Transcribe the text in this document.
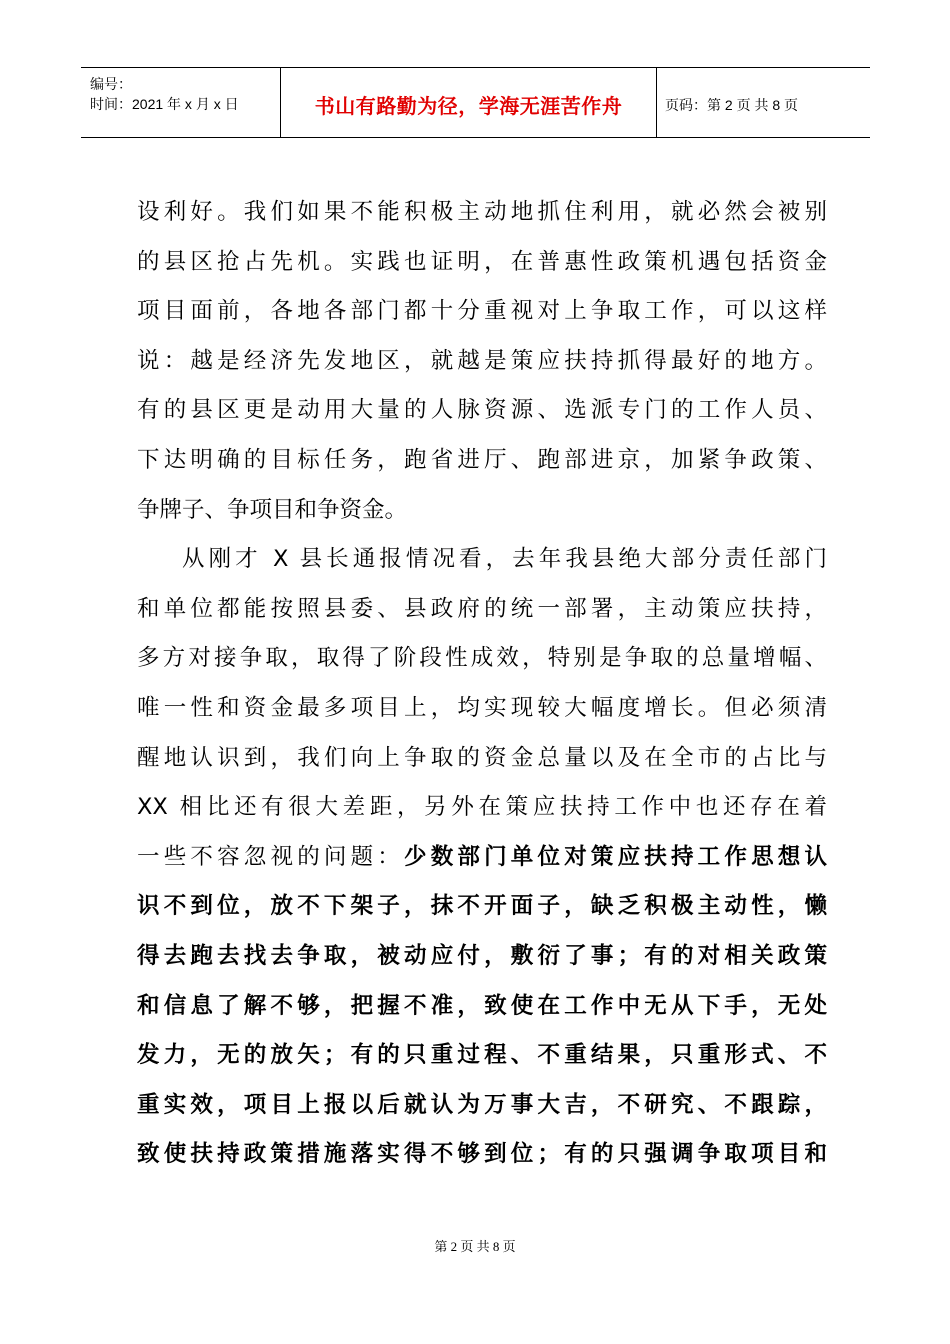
编号：
时间：2021 年 x 月 x 日	书山有路勤为径，学海无涯苦作舟	页码：第 2 页 共 8 页
设利好。我们如果不能积极主动地抓住利用，就必然会被别
的县区抢占先机。实践也证明，在普惠性政策机遇包括资金
项目面前，各地各部门都十分重视对上争取工作，可以这样
说：越是经济先发地区，就越是策应扶持抓得最好的地方。
有的县区更是动用大量的人脉资源、选派专门的工作人员、
下达明确的目标任务，跑省进厅、跑部进京，加紧争政策、
争牌子、争项目和争资金。
从刚才 X 县长通报情况看，去年我县绝大部分责任部门
和单位都能按照县委、县政府的统一部署，主动策应扶持，
多方对接争取，取得了阶段性成效，特别是争取的总量增幅、
唯一性和资金最多项目上，均实现较大幅度增长。但必须清
醒地认识到，我们向上争取的资金总量以及在全市的占比与
XX 相比还有很大差距，另外在策应扶持工作中也还存在着
一些不容忽视的问题：少数部门单位对策应扶持工作思想认
识不到位，放不下架子，抹不开面子，缺乏积极主动性，懒
得去跑去找去争取，被动应付，敷衍了事；有的对相关政策
和信息了解不够，把握不准，致使在工作中无从下手，无处
发力，无的放矢；有的只重过程、不重结果，只重形式、不
重实效，项目上报以后就认为万事大吉，不研究、不跟踪，
致使扶持政策措施落实得不够到位；有的只强调争取项目和
第 2 页 共 8 页
